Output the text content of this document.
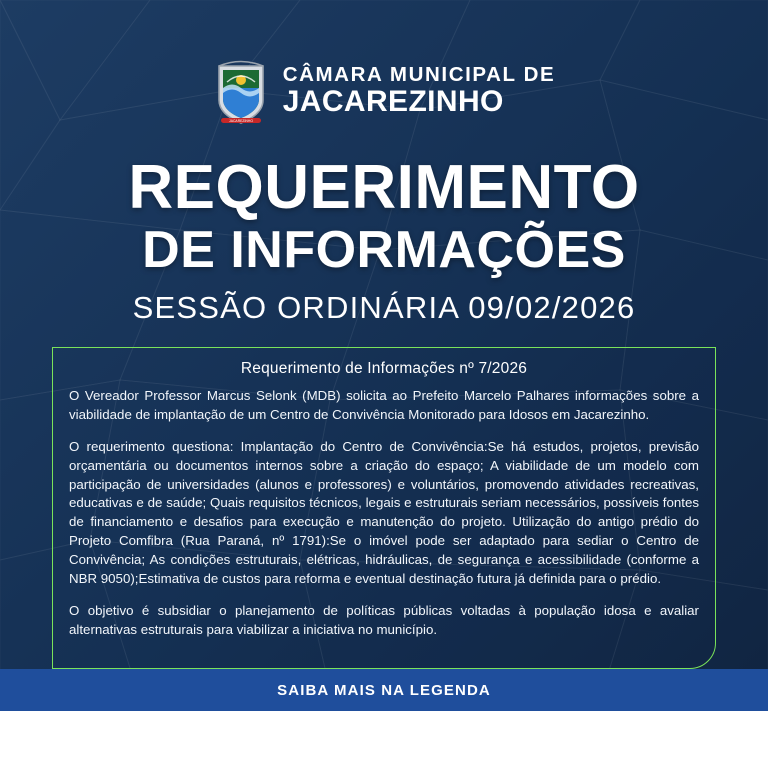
JACAREZINHO
CÂMARA MUNICIPAL DE
JACAREZINHO
REQUERIMENTO
DE INFORMAÇÕES
SESSÃO ORDINÁRIA 09/02/2026
Requerimento de Informações nº 7/2026

O Vereador Professor Marcus Selonk (MDB) solicita ao Prefeito Marcelo Palhares informações sobre a viabilidade de implantação de um Centro de Convivência Monitorado para Idosos em Jacarezinho.

O requerimento questiona: Implantação do Centro de Convivência:Se há estudos, projetos, previsão orçamentária ou documentos internos sobre a criação do espaço; A viabilidade de um modelo com participação de universidades (alunos e professores) e voluntários, promovendo atividades recreativas, educativas e de saúde; Quais requisitos técnicos, legais e estruturais seriam necessários, possíveis fontes de financiamento e desafios para execução e manutenção do projeto. Utilização do antigo prédio do Projeto Comfibra (Rua Paraná, nº 1791):Se o imóvel pode ser adaptado para sediar o Centro de Convivência; As condições estruturais, elétricas, hidráulicas, de segurança e acessibilidade (conforme a NBR 9050);Estimativa de custos para reforma e eventual destinação futura já definida para o prédio.

O objetivo é subsidiar o planejamento de políticas públicas voltadas à população idosa e avaliar alternativas estruturais para viabilizar a iniciativa no município.

SAIBA MAIS NA LEGENDA
